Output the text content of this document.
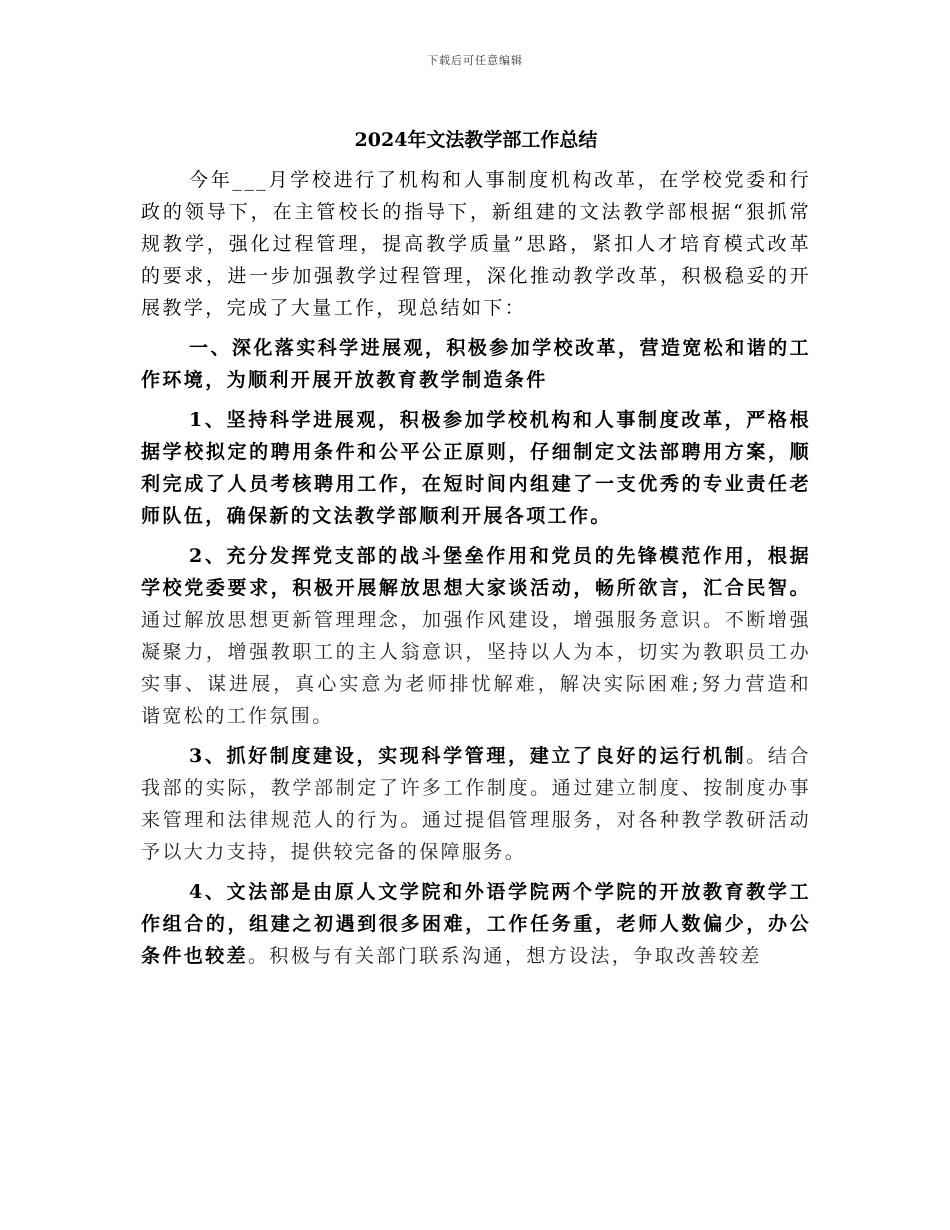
下载后可任意编辑
2024年文法教学部工作总结

今年___月学校进行了机构和人事制度机构改革，在学校党委和行政的领导下，在主管校长的指导下，新组建的文法教学部根据“狠抓常规教学，强化过程管理，提高教学质量”思路，紧扣人才培育模式改革的要求，进一步加强教学过程管理，深化推动教学改革，积极稳妥的开展教学，完成了大量工作，现总结如下：

一、深化落实科学进展观，积极参加学校改革，营造宽松和谐的工作环境，为顺利开展开放教育教学制造条件

1、坚持科学进展观，积极参加学校机构和人事制度改革，严格根据学校拟定的聘用条件和公平公正原则，仔细制定文法部聘用方案，顺利完成了人员考核聘用工作，在短时间内组建了一支优秀的专业责任老师队伍，确保新的文法教学部顺利开展各项工作。

2、充分发挥党支部的战斗堡垒作用和党员的先锋模范作用，根据学校党委要求，积极开展解放思想大家谈活动，畅所欲言，汇合民智。通过解放思想更新管理理念，加强作风建设，增强服务意识。不断增强凝聚力，增强教职工的主人翁意识，坚持以人为本，切实为教职员工办实事、谋进展，真心实意为老师排忧解难，解决实际困难;努力营造和谐宽松的工作氛围。

3、抓好制度建设，实现科学管理，建立了良好的运行机制。结合我部的实际，教学部制定了许多工作制度。通过建立制度、按制度办事来管理和法律规范人的行为。通过提倡管理服务，对各种教学教研活动予以大力支持，提供较完备的保障服务。

4、文法部是由原人文学院和外语学院两个学院的开放教育教学工作组合的，组建之初遇到很多困难，工作任务重，老师人数偏少，办公条件也较差。积极与有关部门联系沟通，想方设法，争取改善较差
